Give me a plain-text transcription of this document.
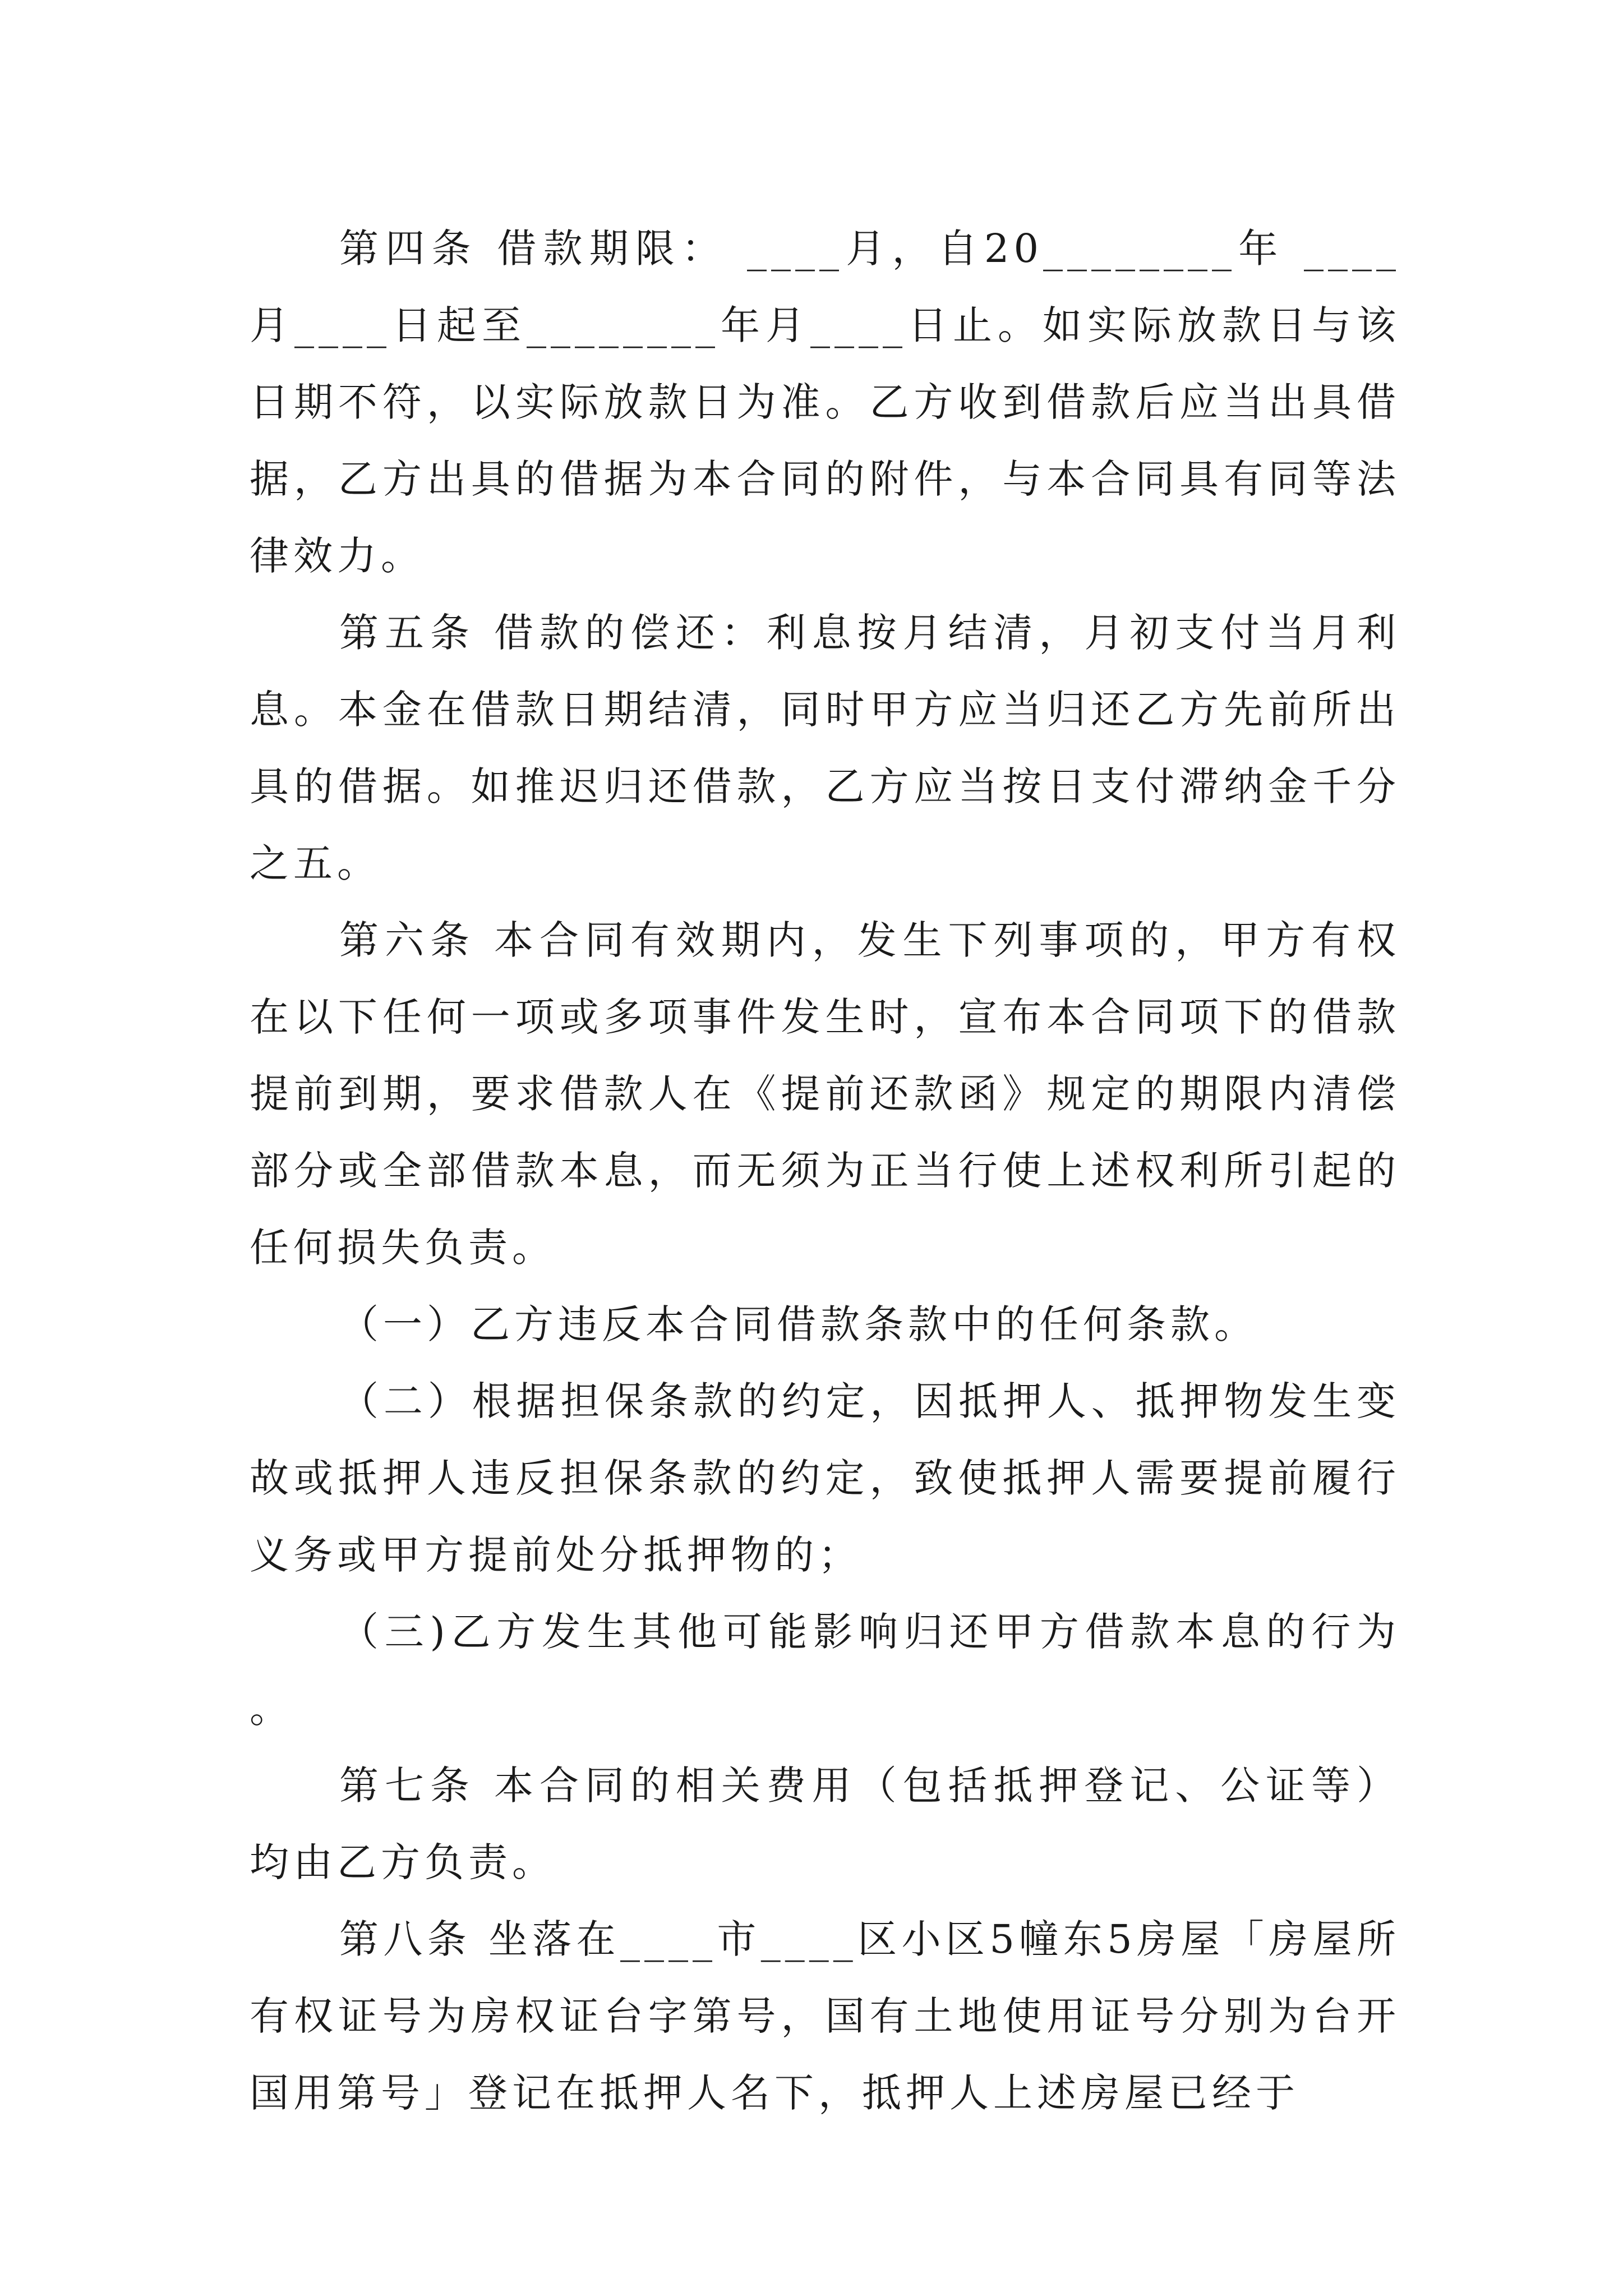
第四条 借款期限： ____月，自20________年 ____月____日起至________年月____日止。如实际放款日与该日期不符，以实际放款日为准。乙方收到借款后应当出具借据，乙方出具的借据为本合同的附件，与本合同具有同等法律效力。

第五条 借款的偿还：利息按月结清，月初支付当月利息。本金在借款日期结清，同时甲方应当归还乙方先前所出具的借据。如推迟归还借款，乙方应当按日支付滞纳金千分之五。

第六条 本合同有效期内，发生下列事项的，甲方有权在以下任何一项或多项事件发生时，宣布本合同项下的借款提前到期，要求借款人在《提前还款函》规定的期限内清偿部分或全部借款本息，而无须为正当行使上述权利所引起的任何损失负责。

（一）乙方违反本合同借款条款中的任何条款。

（二）根据担保条款的约定，因抵押人、抵押物发生变故或抵押人违反担保条款的约定，致使抵押人需要提前履行义务或甲方提前处分抵押物的；

（三)乙方发生其他可能影响归还甲方借款本息的行为。

第七条 本合同的相关费用（包括抵押登记、公证等）均由乙方负责。

第八条 坐落在____市____区小区5幢东5房屋「房屋所有权证号为房权证台字第号，国有土地使用证号分别为台开国用第号」登记在抵押人名下，抵押人上述房屋已经于
